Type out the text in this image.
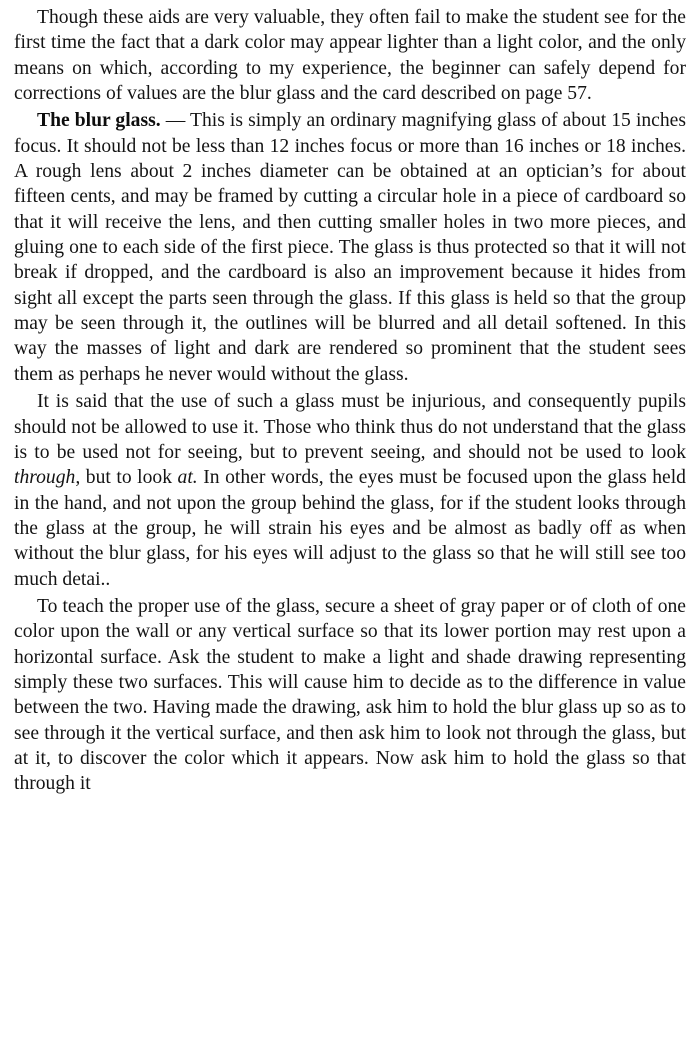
Though these aids are very valuable, they often fail to make the student see for the first time the fact that a dark color may appear lighter than a light color, and the only means on which, according to my experience, the beginner can safely depend for corrections of values are the blur glass and the card described on page 57.

The blur glass. — This is simply an ordinary magnifying glass of about 15 inches focus. It should not be less than 12 inches focus or more than 16 inches or 18 inches. A rough lens about 2 inches diameter can be obtained at an optician’s for about fifteen cents, and may be framed by cutting a circular hole in a piece of cardboard so that it will receive the lens, and then cutting smaller holes in two more pieces, and gluing one to each side of the first piece. The glass is thus protected so that it will not break if dropped, and the cardboard is also an improvement because it hides from sight all except the parts seen through the glass. If this glass is held so that the group may be seen through it, the outlines will be blurred and all detail softened. In this way the masses of light and dark are rendered so prominent that the student sees them as perhaps he never would without the glass.

It is said that the use of such a glass must be injurious, and consequently pupils should not be allowed to use it. Those who think thus do not understand that the glass is to be used not for seeing, but to prevent seeing, and should not be used to look through, but to look at. In other words, the eyes must be focused upon the glass held in the hand, and not upon the group behind the glass, for if the student looks through the glass at the group, he will strain his eyes and be almost as badly off as when without the blur glass, for his eyes will adjust to the glass so that he will still see too much detai..

To teach the proper use of the glass, secure a sheet of gray paper or of cloth of one color upon the wall or any vertical surface so that its lower portion may rest upon a horizontal surface. Ask the student to make a light and shade drawing representing simply these two surfaces. This will cause him to decide as to the difference in value between the two. Having made the drawing, ask him to hold the blur glass up so as to see through it the vertical surface, and then ask him to look not through the glass, but at it, to discover the color which it appears. Now ask him to hold the glass so that through it
